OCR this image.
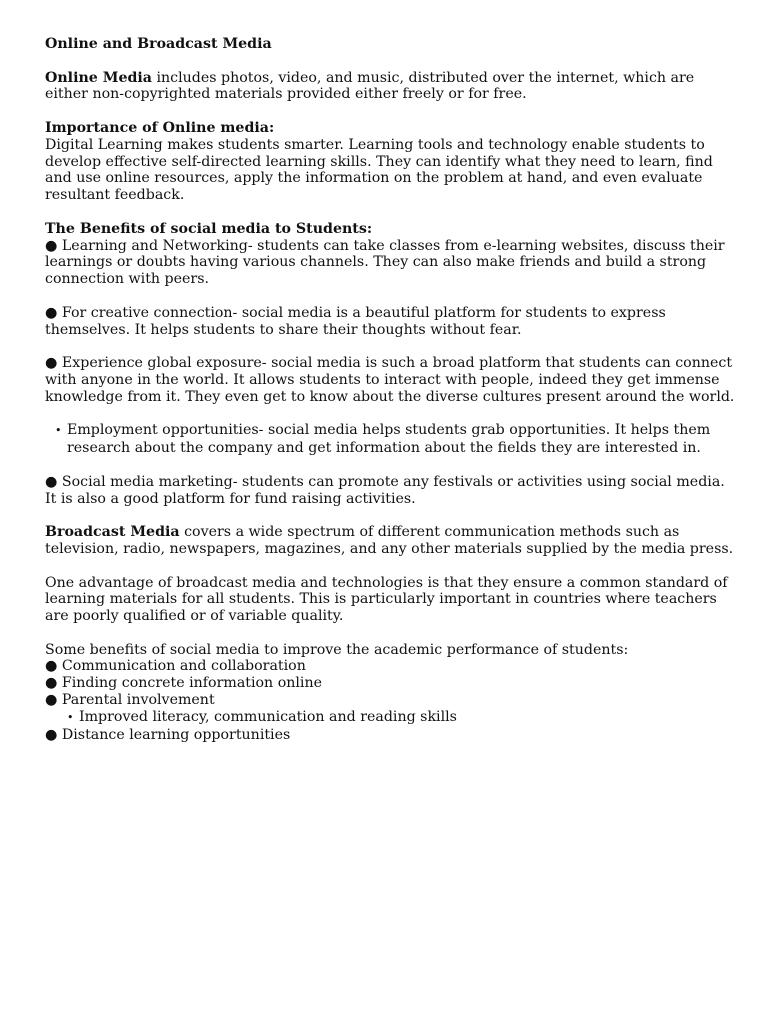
Online and Broadcast Media

Online Media includes photos, video, and music, distributed over the internet, which are either non-copyrighted materials provided either freely or for free.

Importance of Online media:

Digital Learning makes students smarter. Learning tools and technology enable students to develop effective self-directed learning skills. They can identify what they need to learn, find and use online resources, apply the information on the problem at hand, and even evaluate resultant feedback.

The Benefits of social media to Students:

● Learning and Networking- students can take classes from e-learning websites, discuss their learnings or doubts having various channels. They can also make friends and build a strong connection with peers.

● For creative connection- social media is a beautiful platform for students to express themselves. It helps students to share their thoughts without fear.

● Experience global exposure- social media is such a broad platform that students can connect with anyone in the world. It allows students to interact with people, indeed they get immense knowledge from it. They even get to know about the diverse cultures present around the world.

• Employment opportunities- social media helps students grab opportunities. It helps them research about the company and get information about the fields they are interested in.

● Social media marketing- students can promote any festivals or activities using social media. It is also a good platform for fund raising activities.

Broadcast Media covers a wide spectrum of different communication methods such as television, radio, newspapers, magazines, and any other materials supplied by the media press.

One advantage of broadcast media and technologies is that they ensure a common standard of learning materials for all students. This is particularly important in countries where teachers are poorly qualified or of variable quality.

Some benefits of social media to improve the academic performance of students:

● Communication and collaboration

● Finding concrete information online

● Parental involvement

• Improved literacy, communication and reading skills

● Distance learning opportunities
